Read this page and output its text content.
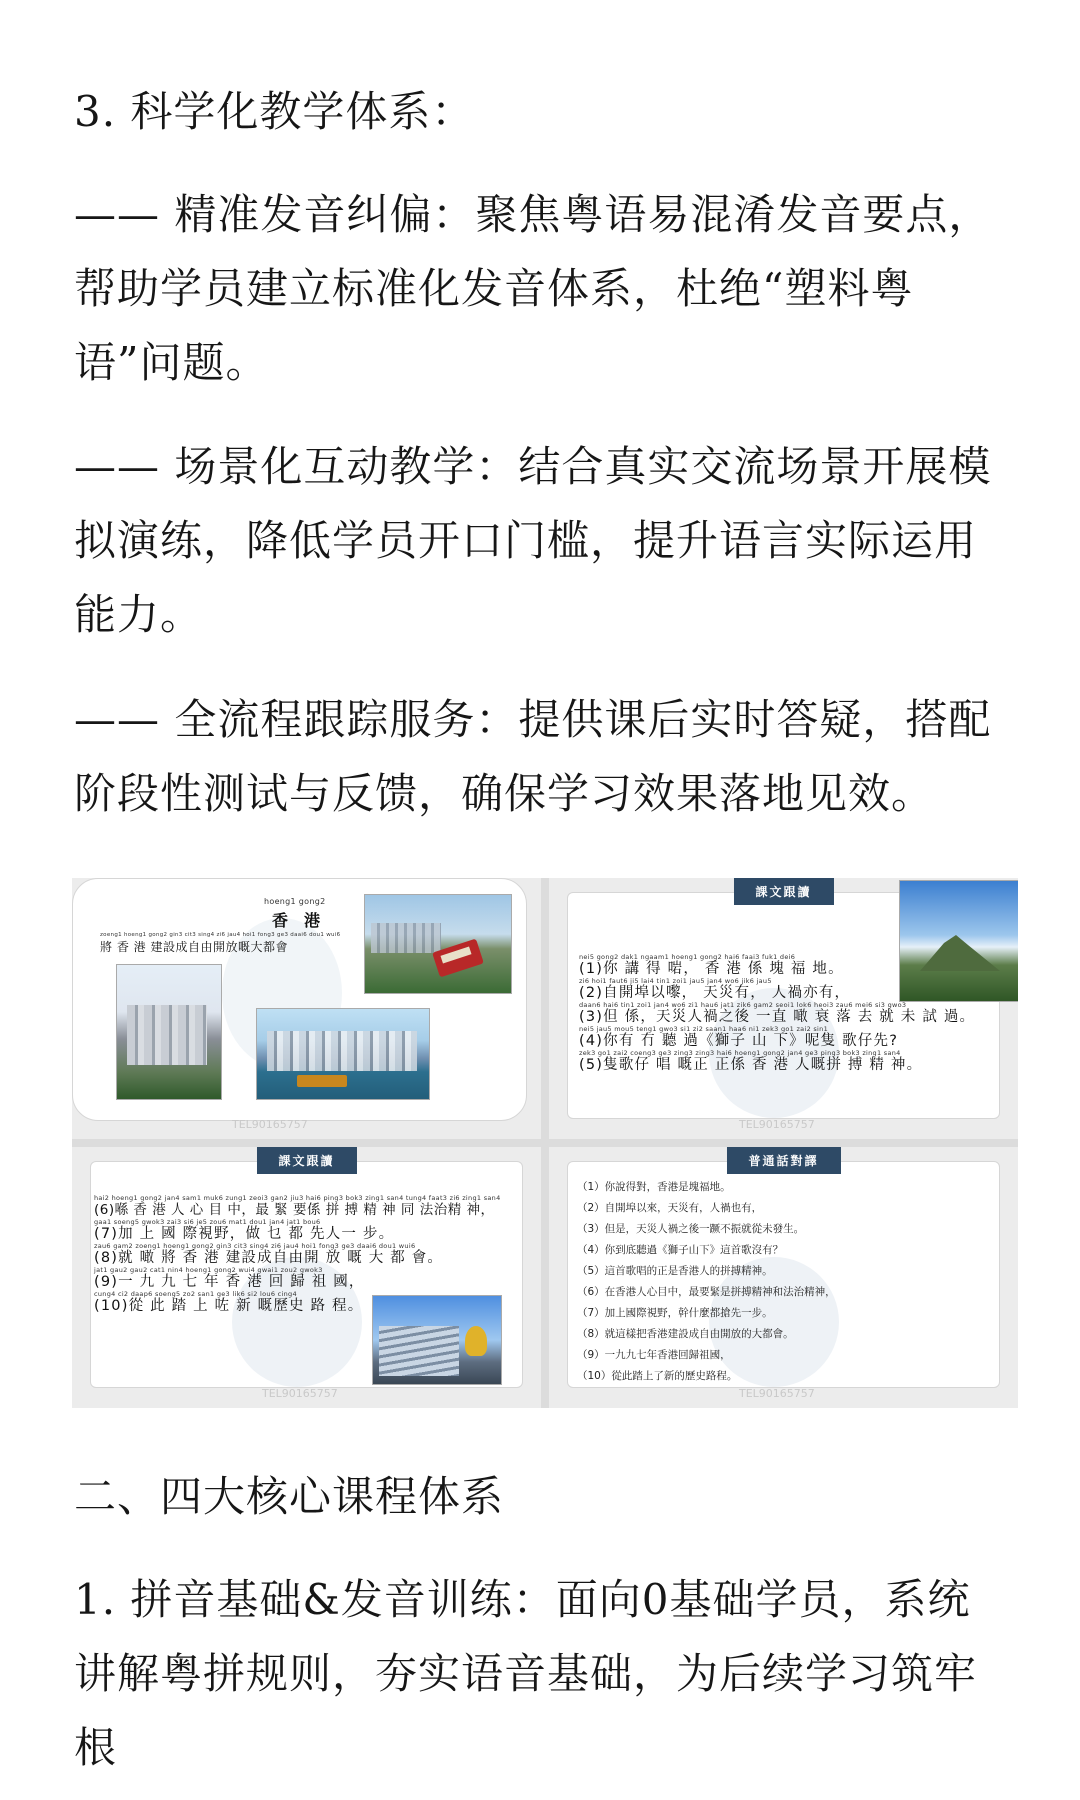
3. 科学化教学体系：

—— 精准发音纠偏：聚焦粤语易混淆发音要点，帮助学员建立标准化发音体系，杜绝“塑料粤语”问题。

—— 场景化互动教学：结合真实交流场景开展模拟演练，降低学员开口门槛，提升语言实际运用能力。

—— 全流程跟踪服务：提供课后实时答疑，搭配阶段性测试与反馈，确保学习效果落地见效。

hoeng1 gong2
香　港
zoeng1 hoeng1 gong2 gin3 cit3 sing4 zi6 jau4 hoi1 fong3 ge3 daai6 dou1 wui6
將 香 港 建設成自由開放嘅大都會
TEL90165757
課文跟讀
nei5 gong2 dak1 ngaam1 hoeng1 gong2 hai6 faai3 fuk1 dei6
(1)你 講 得 啱， 香 港 係 塊 福 地。
zi6 hoi1 faut6 ji5 lai4 tin1 zoi1 jau5 jan4 wo6 jik6 jau5
(2)自開埠以嚟， 天災有， 人禍亦有，
daan6 hai6 tin1 zoi1 jan4 wo6 zi1 hau6 jat1 zik6 gam2 seoi1 lok6 heoi3 zau6 mei6 si3 gwo3
(3)但 係，天災人禍之後 一直 噉 衰 落 去 就 未 試 過。
nei5 jau5 mou5 teng1 gwo3 si1 zi2 saan1 haa6 ni1 zek3 go1 zai2 sin1
(4)你有 冇 聽 過《獅子 山 下》呢隻 歌仔先?
zek3 go1 zai2 coeng3 ge3 zing3 zing3 hai6 hoeng1 gong2 jan4 ge3 ping3 bok3 zing1 san4
(5)隻歌仔 唱 嘅正 正係 香 港 人嘅拼 搏 精 神。
TEL90165757
課文跟讀
hai2 hoeng1 gong2 jan4 sam1 muk6 zung1 zeoi3 gan2 jiu3 hai6 ping3 bok3 zing1 san4 tung4 faat3 zi6 zing1 san4
(6)喺 香 港 人 心 目 中，最 緊 要係 拼 搏 精 神 同 法治精 神，
gaa1 soeng5 gwok3 zai3 si6 je5 zou6 mat1 dou1 jan4 jat1 bou6
(7)加 上 國 際視野，做 乜 都 先人一 步。
zau6 gam2 zoeng1 hoeng1 gong2 gin3 cit3 sing4 zi6 jau4 hoi1 fong3 ge3 daai6 dou1 wui6
(8)就 噉 將 香 港 建設成自由開 放 嘅 大 都 會。
jat1 gau2 gau2 cat1 nin4 hoeng1 gong2 wui4 gwai1 zou2 gwok3
(9)一 九 九 七 年 香 港 回 歸 祖 國，
cung4 ci2 daap6 soeng5 zo2 san1 ge3 lik6 si2 lou6 cing4
(10)從 此 踏 上 咗 新 嘅歷史 路 程。
TEL90165757
普通話對譯
（1）你說得對，香港是塊福地。
（2）自開埠以來，天災有，人禍也有，
（3）但是，天災人禍之後一蹶不振就從未發生。
（4）你到底聽過《獅子山下》這首歌沒有？
（5）這首歌唱的正是香港人的拼搏精神。
（6）在香港人心目中，最要緊是拼搏精神和法治精神，
（7）加上國際視野，幹什麼都搶先一步。
（8）就這樣把香港建設成自由開放的大都會。
（9）一九九七年香港回歸祖國，
（10）從此踏上了新的歷史路程。
TEL90165757

二、四大核心课程体系

1. 拼音基础&发音训练：面向0基础学员，系统讲解粤拼规则，夯实语音基础，为后续学习筑牢根
